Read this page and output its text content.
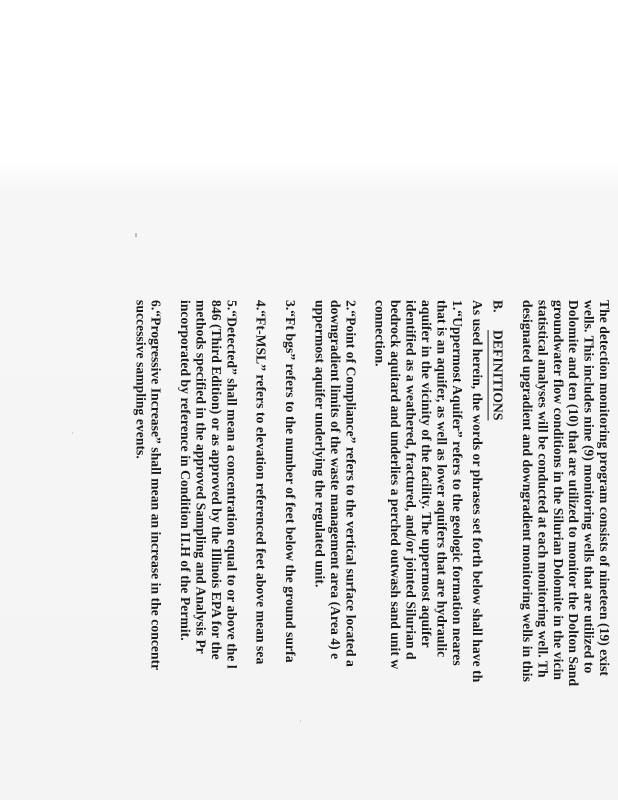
The detection monitoring program consists of nineteen (19) exist
wells. This includes nine (9) monitoring wells that are utilized to
Dolomite and ten (10) that are utilized to monitor the Dolton Sand
groundwater flow conditions in the Silurian Dolomite in the vicin
statistical analyses will be conducted at each monitoring well. Th
designated upgradient and downgradient monitoring wells in this
B. DEFINITIONS
As used herein, the words or phrases set forth below shall have th
1.“Uppermost Aquifer” refers to the geologic formation neares
that is an aquifer, as well as lower aquifers that are hydraulic
aquifer in the vicinity of the facility. The uppermost aquifer
identified as a weathered, fractured, and/or jointed Silurian d
bedrock aquitard and underlies a perched outwash sand unit w
connection.
2.“Point of Compliance” refers to the vertical surface located a
downgradient limits of the waste management area (Area 4) e
uppermost aquifer underlying the regulated unit.
3.“Ft bgs” refers to the number of feet below the ground surfa
4.“Ft-MSL” refers to elevation referenced feet above mean sea
5.“Detected” shall mean a concentration equal to or above the l
846 (Third Edition) or as approved by the Illinois EPA for the
methods specified in the approved Sampling and Analysis Pr
incorporated by reference in Condition II.H of the Permit.
6.“Progressive Increase” shall mean an increase in the concentr
successive sampling events.
